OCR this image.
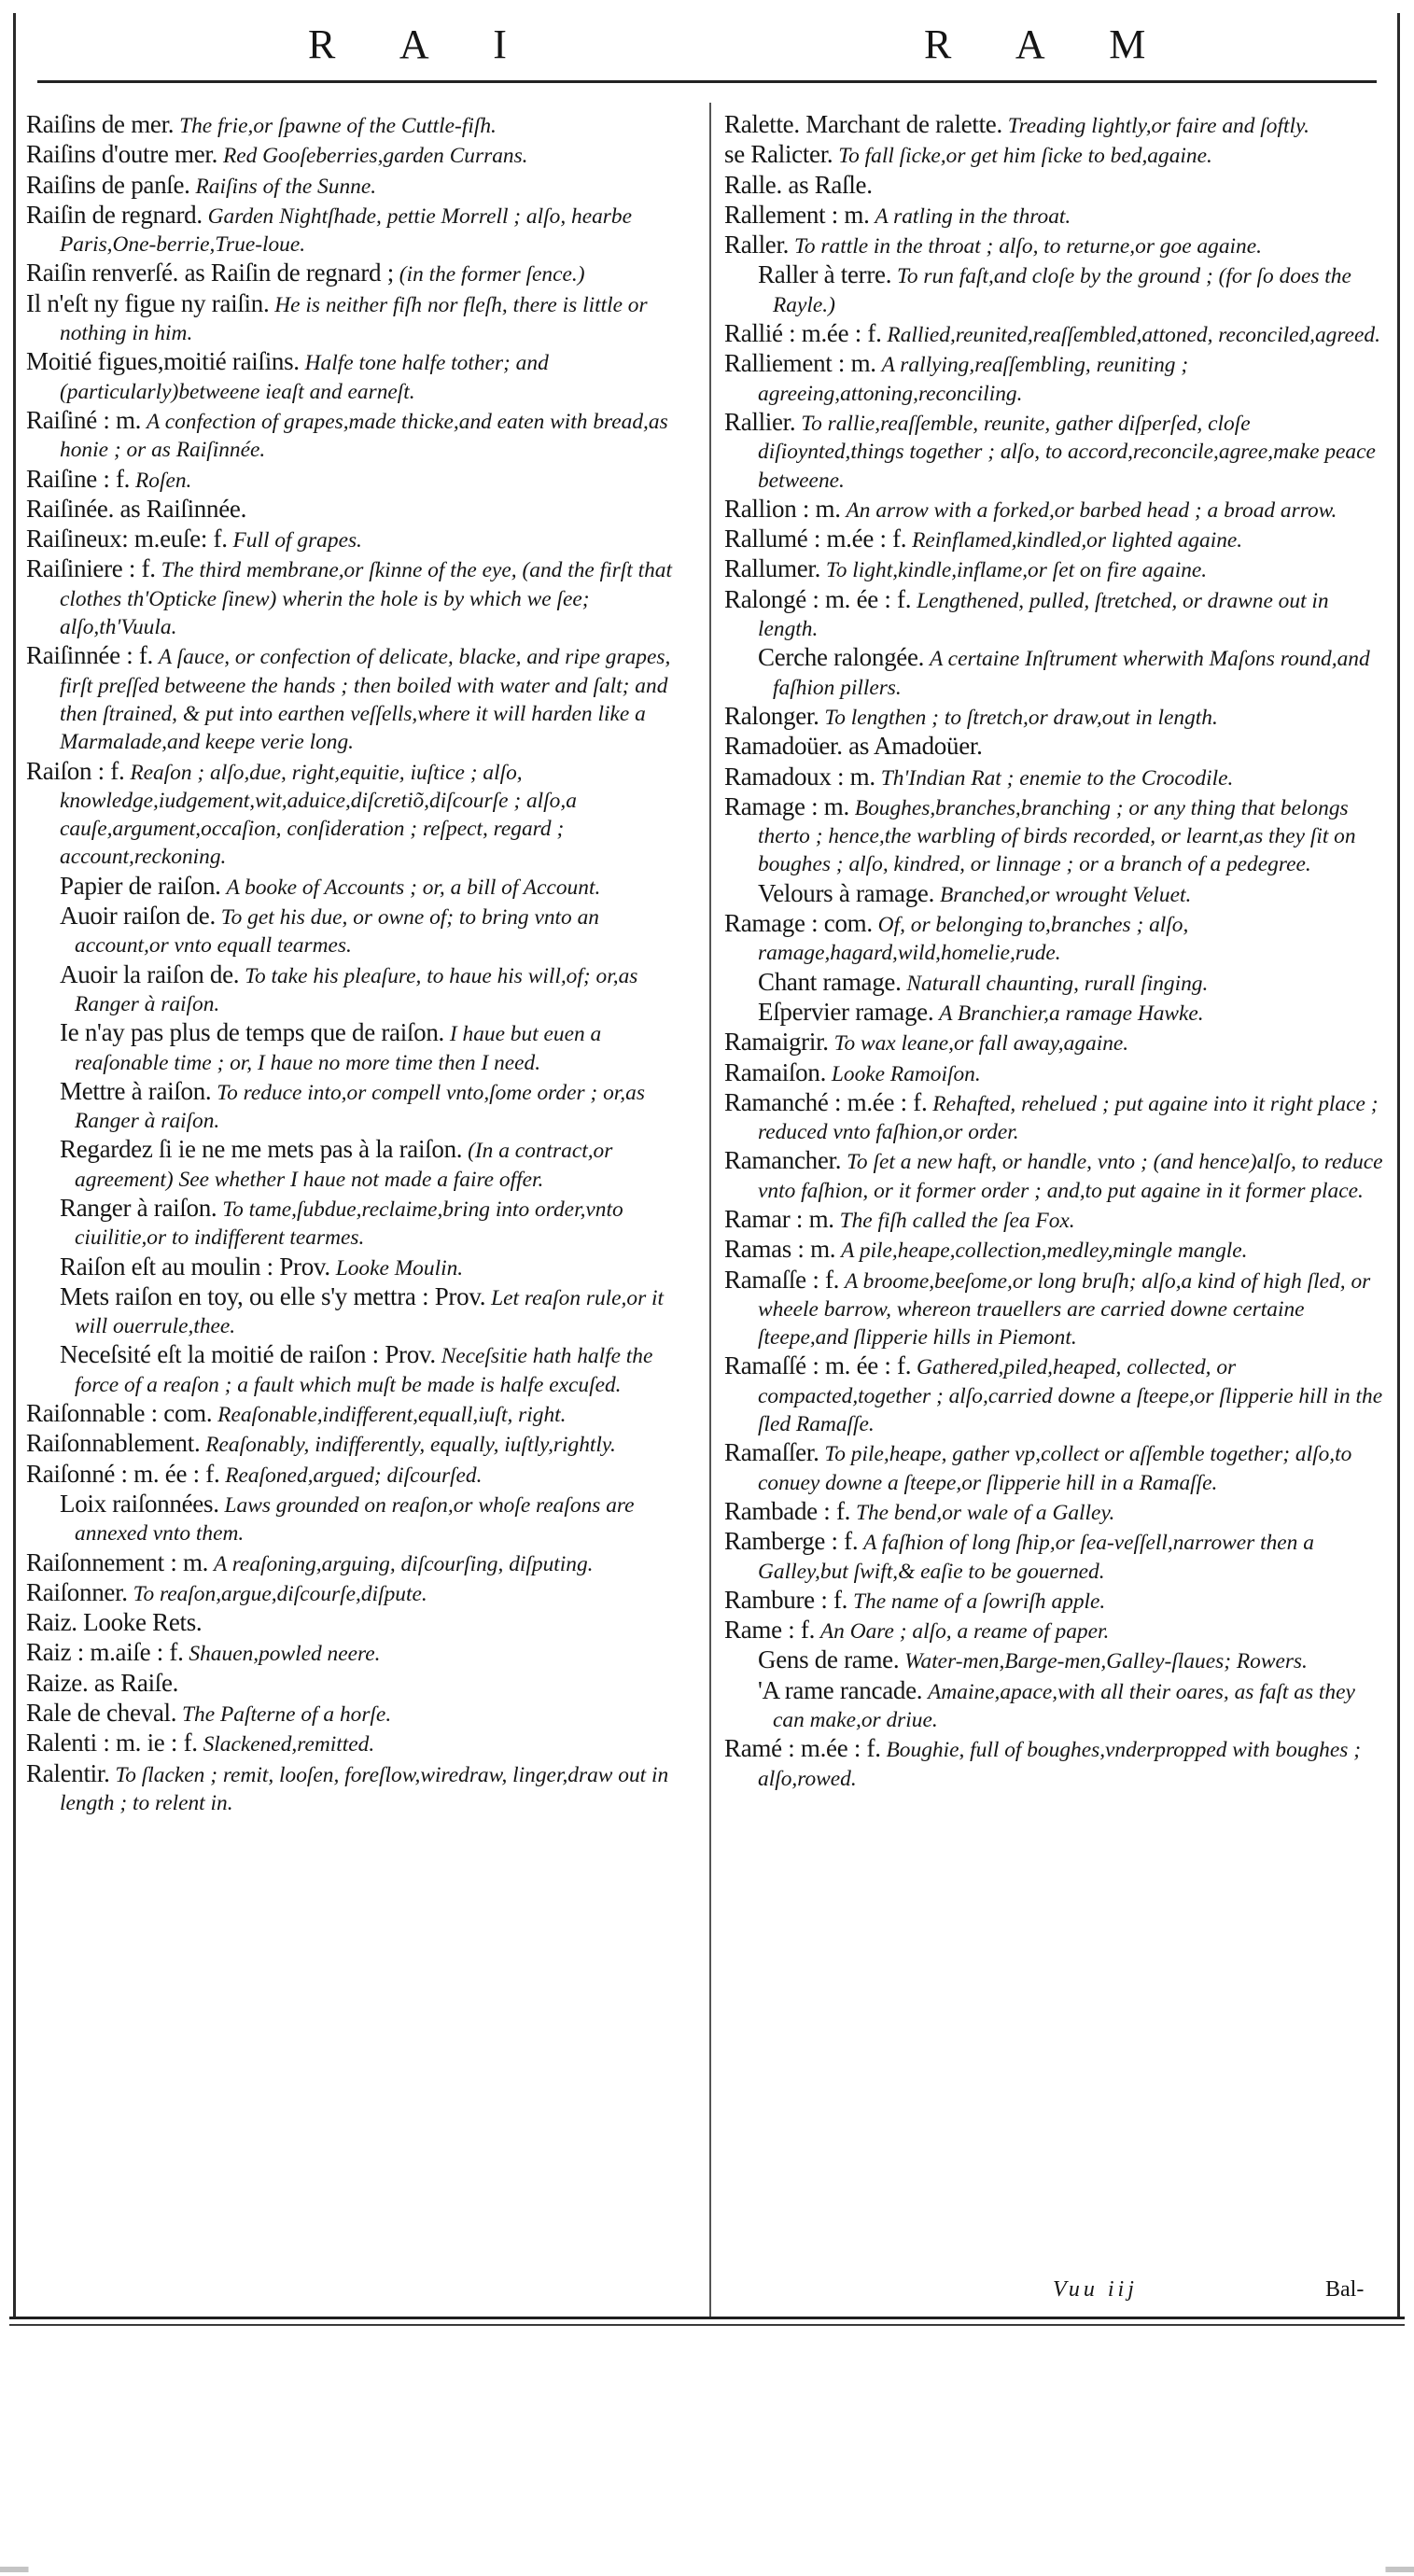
R A I	R A M

Raiſins de mer. The frie,or ſpawne of the Cuttle-fiſh.

Raiſins d'outre mer. Red Gooſeberries,garden Currans.

Raiſins de panſe. Raiſins of the Sunne.

Raiſin de regnard. Garden Nightſhade, pettie Morrell ; alſo, hearbe Paris,One-berrie,True-loue.

Raiſin renverſé. as Raiſin de regnard ; (in the former ſence.)

Il n'eſt ny figue ny raiſin. He is neither fiſh nor fleſh, there is little or nothing in him.

Moitié figues,moitié raiſins. Halfe tone halfe tother; and (particularly)betweene ieaſt and earneſt.

Raiſiné : m. A confection of grapes,made thicke,and eaten with bread,as honie ; or as Raiſinnée.

Raiſine : f. Roſen.

Raiſinée. as Raiſinnée.

Raiſineux: m.euſe: f. Full of grapes.

Raiſiniere : f. The third membrane,or ſkinne of the eye, (and the firſt that clothes th'Opticke ſinew) wherin the hole is by which we ſee; alſo,th'Vuula.

Raiſinnée : f. A ſauce, or confection of delicate, blacke, and ripe grapes, firſt preſſed betweene the hands ; then boiled with water and ſalt; and then ſtrained, & put into earthen veſſells,where it will harden like a Marmalade,and keepe verie long.

Raiſon : f. Reaſon ; alſo,due, right,equitie, iuſtice ; alſo, knowledge,iudgement,wit,aduice,diſcretiõ,diſcourſe ; alſo,a cauſe,argument,occaſion, conſideration ; reſpect, regard ; account,reckoning.

Papier de raiſon. A booke of Accounts ; or, a bill of Account.

Auoir raiſon de. To get his due, or owne of; to bring vnto an account,or vnto equall tearmes.

Auoir la raiſon de. To take his pleaſure, to haue his will,of; or,as Ranger à raiſon.

Ie n'ay pas plus de temps que de raiſon. I haue but euen a reaſonable time ; or, I haue no more time then I need.

Mettre à raiſon. To reduce into,or compell vnto,ſome order ; or,as Ranger à raiſon.

Regardez ſi ie ne me mets pas à la raiſon. (In a contract,or agreement) See whether I haue not made a faire offer.

Ranger à raiſon. To tame,ſubdue,reclaime,bring into order,vnto ciuilitie,or to indifferent tearmes.

Raiſon eſt au moulin : Prov. Looke Moulin.

Mets raiſon en toy, ou elle s'y mettra : Prov. Let reaſon rule,or it will ouerrule,thee.

Neceſsité eſt la moitié de raiſon : Prov. Neceſsitie hath halfe the force of a reaſon ; a fault which muſt be made is halfe excuſed.

Raiſonnable : com. Reaſonable,indifferent,equall,iuſt, right.

Raiſonnablement. Reaſonably, indifferently, equally, iuſtly,rightly.

Raiſonné : m. ée : f. Reaſoned,argued; diſcourſed.

Loix raiſonnées. Laws grounded on reaſon,or whoſe reaſons are annexed vnto them.

Raiſonnement : m. A reaſoning,arguing, diſcourſing, diſputing.

Raiſonner. To reaſon,argue,diſcourſe,diſpute.

Raiz. Looke Rets.

Raiz : m.aiſe : f. Shauen,powled neere.

Raize. as Raiſe.

Rale de cheval. The Paſterne of a horſe.

Ralenti : m. ie : f. Slackened,remitted.

Ralentir. To ſlacken ; remit, looſen, foreſlow,wiredraw, linger,draw out in length ; to relent in.

Ralette. Marchant de ralette. Treading lightly,or faire and ſoftly.

se Ralicter. To fall ſicke,or get him ſicke to bed,againe.

Ralle. as Raſle.

Rallement : m. A ratling in the throat.

Raller. To rattle in the throat ; alſo, to returne,or goe againe.

Raller à terre. To run faſt,and cloſe by the ground ; (for ſo does the Rayle.)

Rallié : m.ée : f. Rallied,reunited,reaſſembled,attoned, reconciled,agreed.

Ralliement : m. A rallying,reaſſembling, reuniting ; agreeing,attoning,reconciling.

Rallier. To rallie,reaſſemble, reunite, gather diſperſed, cloſe diſioynted,things together ; alſo, to accord,reconcile,agree,make peace betweene.

Rallion : m. An arrow with a forked,or barbed head ; a broad arrow.

Rallumé : m.ée : f. Reinflamed,kindled,or lighted againe.

Rallumer. To light,kindle,inflame,or ſet on fire againe.

Ralongé : m. ée : f. Lengthened, pulled, ſtretched, or drawne out in length.

Cerche ralongée. A certaine Inſtrument wherwith Maſons round,and faſhion pillers.

Ralonger. To lengthen ; to ſtretch,or draw,out in length.

Ramadoüer. as Amadoüer.

Ramadoux : m. Th'Indian Rat ; enemie to the Crocodile.

Ramage : m. Boughes,branches,branching ; or any thing that belongs therto ; hence,the warbling of birds recorded, or learnt,as they ſit on boughes ; alſo, kindred, or linnage ; or a branch of a pedegree.

Velours à ramage. Branched,or wrought Veluet.

Ramage : com. Of, or belonging to,branches ; alſo, ramage,hagard,wild,homelie,rude.

Chant ramage. Naturall chaunting, rurall ſinging.

Eſpervier ramage. A Branchier,a ramage Hawke.

Ramaigrir. To wax leane,or fall away,againe.

Ramaiſon. Looke Ramoiſon.

Ramanché : m.ée : f. Rehafted, rehelued ; put againe into it right place ; reduced vnto faſhion,or order.

Ramancher. To ſet a new haft, or handle, vnto ; (and hence)alſo, to reduce vnto faſhion, or it former order ; and,to put againe in it former place.

Ramar : m. The fiſh called the ſea Fox.

Ramas : m. A pile,heape,collection,medley,mingle mangle.

Ramaſſe : f. A broome,beeſome,or long bruſh; alſo,a kind of high ſled, or wheele barrow, whereon trauellers are carried downe certaine ſteepe,and ſlipperie hills in Piemont.

Ramaſſé : m. ée : f. Gathered,piled,heaped, collected, or compacted,together ; alſo,carried downe a ſteepe,or ſlipperie hill in the ſled Ramaſſe.

Ramaſſer. To pile,heape, gather vp,collect or aſſemble together; alſo,to conuey downe a ſteepe,or ſlipperie hill in a Ramaſſe.

Rambade : f. The bend,or wale of a Galley.

Ramberge : f. A faſhion of long ſhip,or ſea-veſſell,narrower then a Galley,but ſwift,& eaſie to be gouerned.

Rambure : f. The name of a ſowriſh apple.

Rame : f. An Oare ; alſo, a reame of paper.

Gens de rame. Water-men,Barge-men,Galley-ſlaues; Rowers.

'A rame rancade. Amaine,apace,with all their oares, as faſt as they can make,or driue.

Ramé : m.ée : f. Boughie, full of boughes,vnderpropped with boughes ; alſo,rowed.

Vuu iij	Bal-
